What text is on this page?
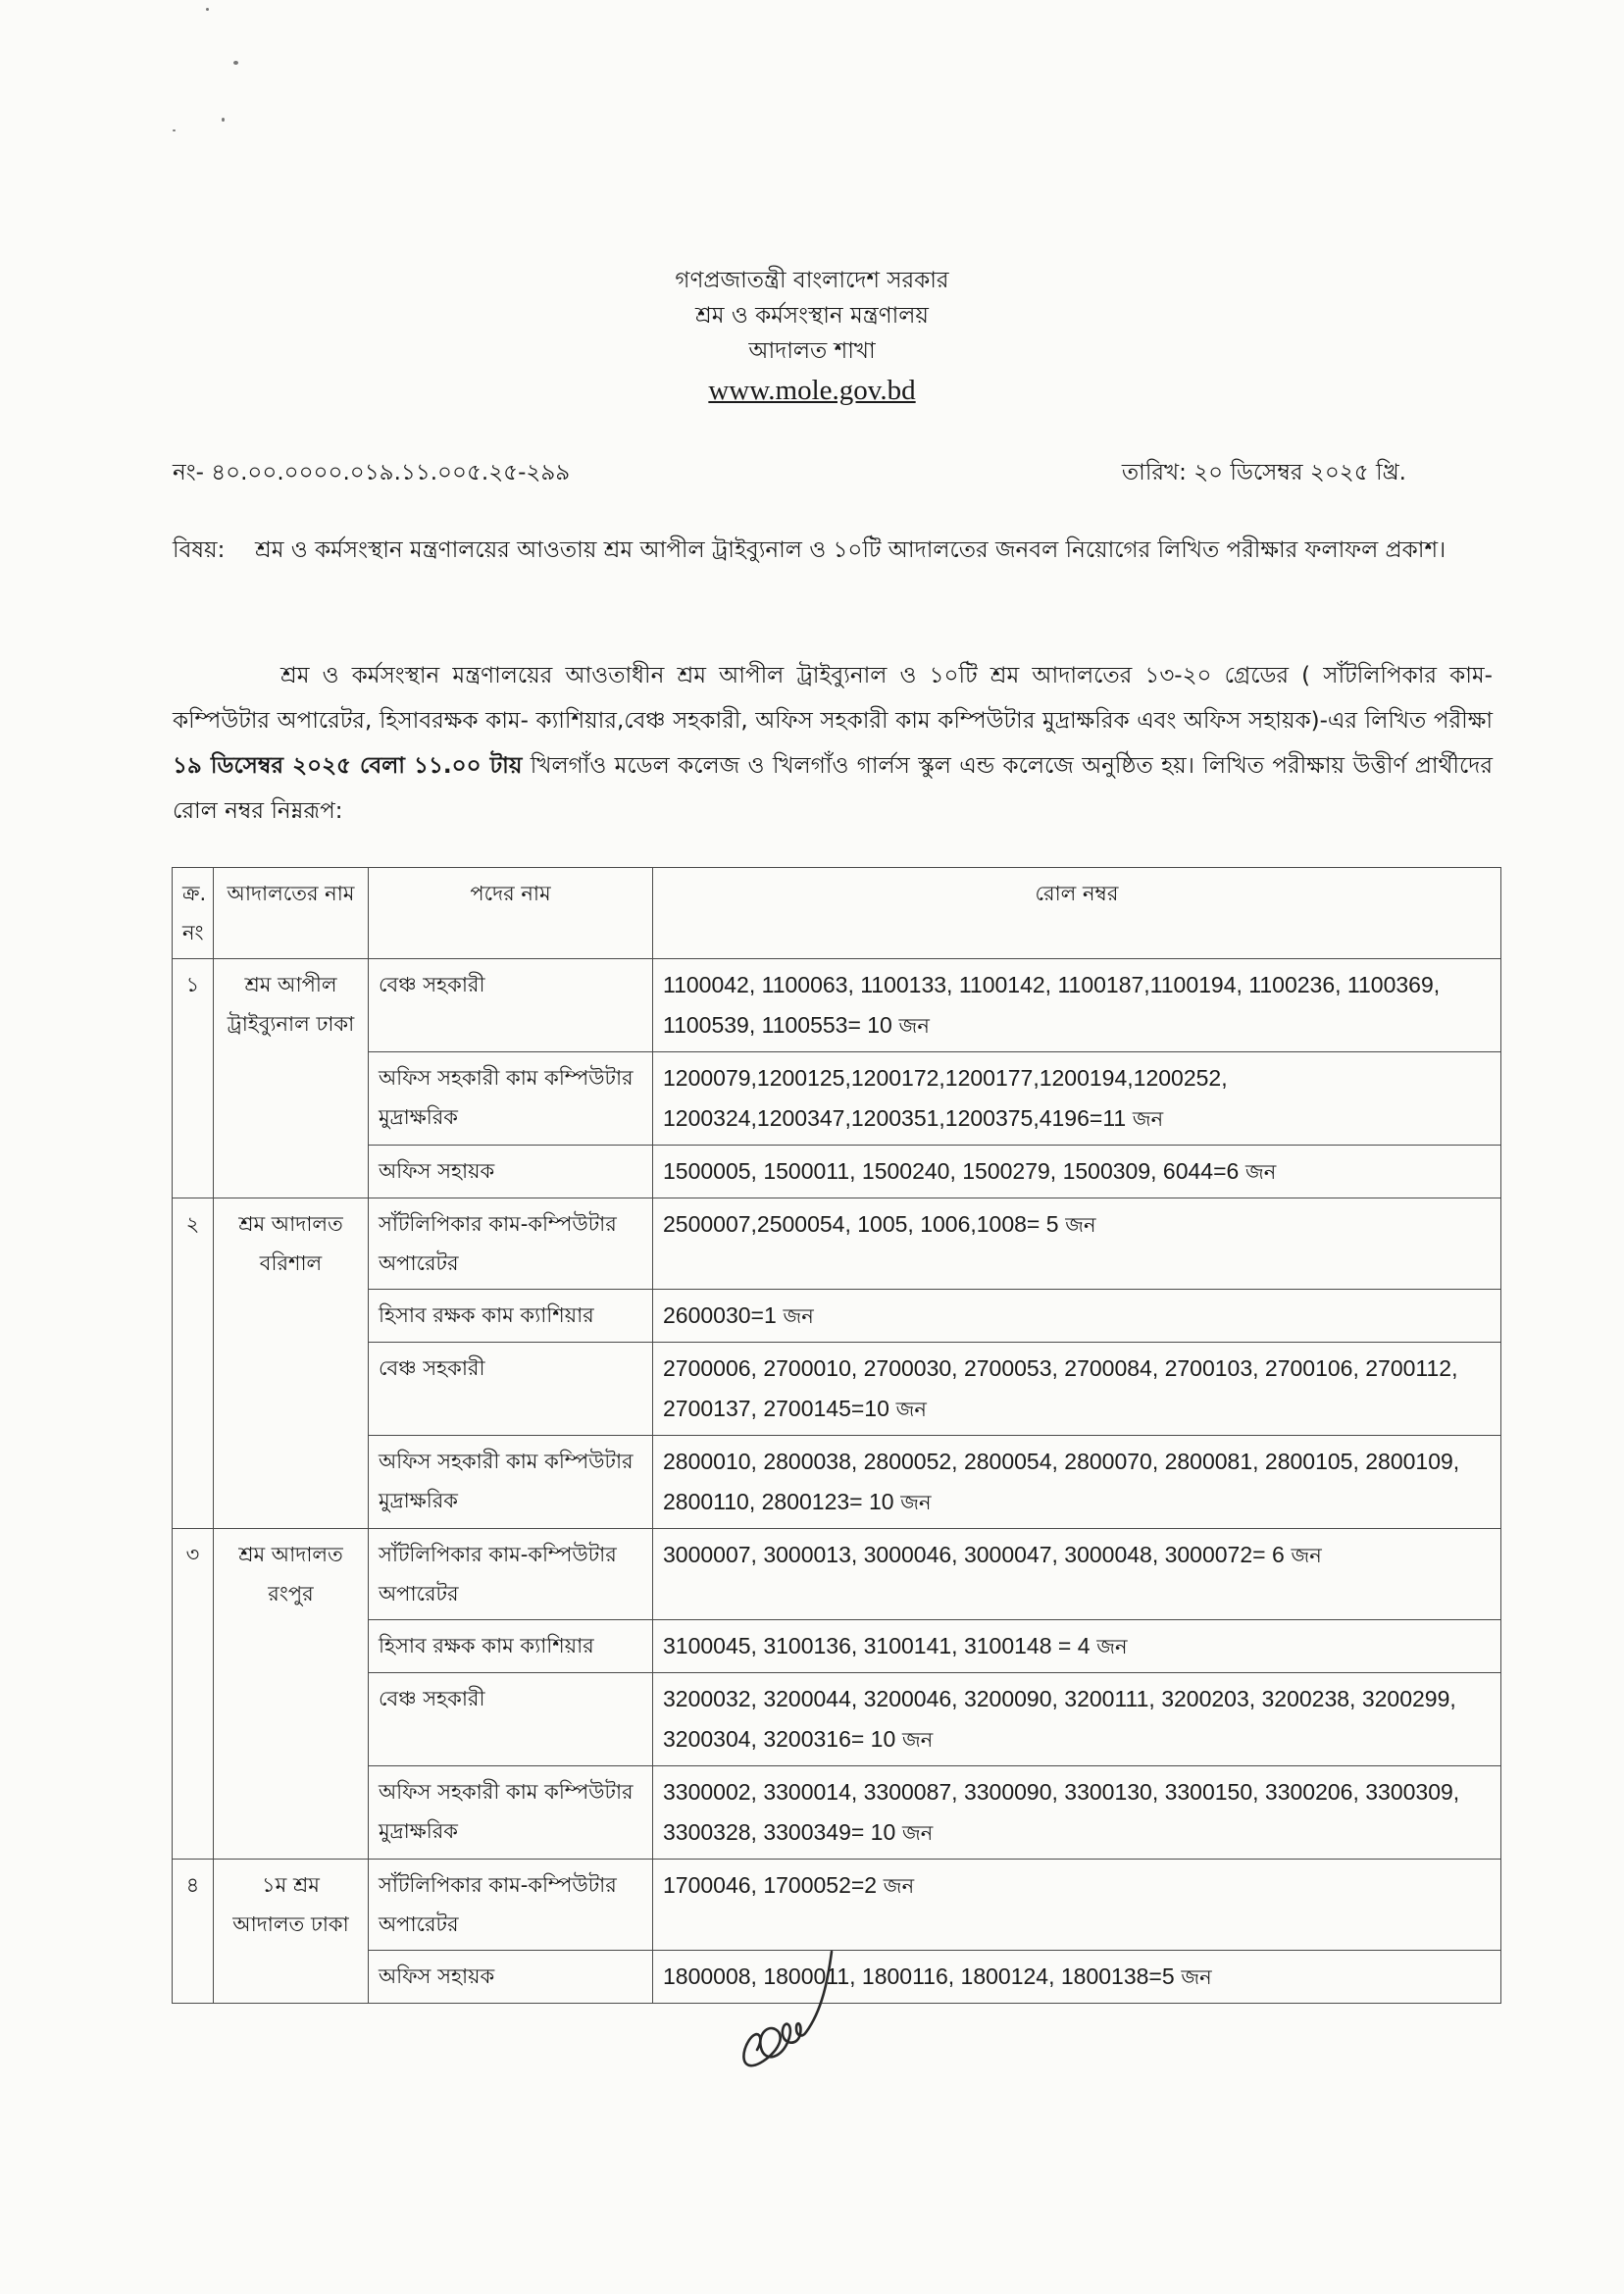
গণপ্রজাতন্ত্রী বাংলাদেশ সরকার
শ্রম ও কর্মসংস্থান মন্ত্রণালয়
আদালত শাখা
www.mole.gov.bd
নং- ৪০.০০.০০০০.০১৯.১১.০০৫.২৫-২৯৯	তারিখ: ২০ ডিসেম্বর ২০২৫ খ্রি.
বিষয়: শ্রম ও কর্মসংস্থান মন্ত্রণালয়ের আওতায় শ্রম আপীল ট্রাইব্যুনাল ও ১০টি আদালতের জনবল নিয়োগের লিখিত পরীক্ষার ফলাফল প্রকাশ।
শ্রম ও কর্মসংস্থান মন্ত্রণালয়ের আওতাধীন শ্রম আপীল ট্রাইব্যুনাল ও ১০টি শ্রম আদালতের ১৩-২০ গ্রেডের ( সাঁটলিপিকার কাম-কম্পিউটার অপারেটর, হিসাবরক্ষক কাম- ক্যাশিয়ার,বেঞ্চ সহকারী, অফিস সহকারী কাম কম্পিউটার মুদ্রাক্ষরিক এবং অফিস সহায়ক)-এর লিখিত পরীক্ষা ১৯ ডিসেম্বর ২০২৫ বেলা ১১.০০ টায় খিলগাঁও মডেল কলেজ ও খিলগাঁও গার্লস স্কুল এন্ড কলেজে অনুষ্ঠিত হয়। লিখিত পরীক্ষায় উত্তীর্ণ প্রার্থীদের রোল নম্বর নিম্নরূপ:
ক্র. নং	আদালতের নাম	পদের নাম	রোল নম্বর
১	শ্রম আপীল ট্রাইব্যুনাল ঢাকা	বেঞ্চ সহকারী	1100042, 1100063, 1100133, 1100142, 1100187,1100194, 1100236, 1100369, 1100539, 1100553= 10 জন
		অফিস সহকারী কাম কম্পিউটার মুদ্রাক্ষরিক	1200079,1200125,1200172,1200177,1200194,1200252, 1200324,1200347,1200351,1200375,4196=11 জন
		অফিস সহায়ক	1500005, 1500011, 1500240, 1500279, 1500309, 6044=6 জন
২	শ্রম আদালত বরিশাল	সাঁটলিপিকার কাম-কম্পিউটার অপারেটর	2500007,2500054, 1005, 1006,1008= 5 জন
		হিসাব রক্ষক কাম ক্যাশিয়ার	2600030=1 জন
		বেঞ্চ সহকারী	2700006, 2700010, 2700030, 2700053, 2700084, 2700103, 2700106, 2700112, 2700137, 2700145=10 জন
		অফিস সহকারী কাম কম্পিউটার মুদ্রাক্ষরিক	2800010, 2800038, 2800052, 2800054, 2800070, 2800081, 2800105, 2800109, 2800110, 2800123= 10 জন
৩	শ্রম আদালত রংপুর	সাঁটলিপিকার কাম-কম্পিউটার অপারেটর	3000007, 3000013, 3000046, 3000047, 3000048, 3000072= 6 জন
		হিসাব রক্ষক কাম ক্যাশিয়ার	3100045, 3100136, 3100141, 3100148 = 4 জন
		বেঞ্চ সহকারী	3200032, 3200044, 3200046, 3200090, 3200111, 3200203, 3200238, 3200299, 3200304, 3200316= 10 জন
		অফিস সহকারী কাম কম্পিউটার মুদ্রাক্ষরিক	3300002, 3300014, 3300087, 3300090, 3300130, 3300150, 3300206, 3300309, 3300328, 3300349= 10 জন
৪	১ম শ্রম আদালত ঢাকা	সাঁটলিপিকার কাম-কম্পিউটার অপারেটর	1700046, 1700052=2 জন
		অফিস সহায়ক	1800008, 1800011, 1800116, 1800124, 1800138=5 জন
